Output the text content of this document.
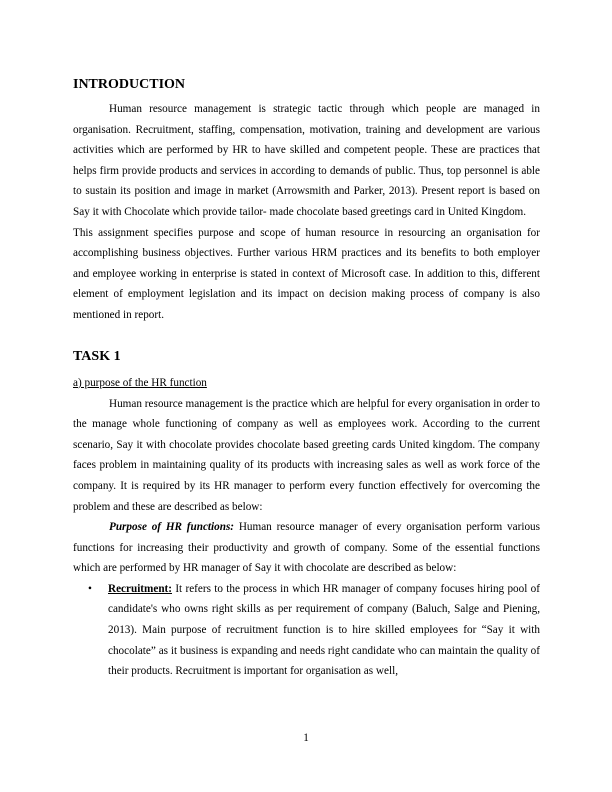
INTRODUCTION

Human resource management is strategic tactic through which people are managed in organisation. Recruitment, staffing, compensation, motivation, training and development are various activities which are performed by HR to have skilled and competent people. These are practices that helps firm provide products and services in according to demands of public. Thus, top personnel is able to sustain its position and image in market (Arrowsmith and Parker, 2013). Present report is based on Say it with Chocolate which provide tailor- made chocolate based greetings card in United Kingdom.

This assignment specifies purpose and scope of human resource in resourcing an organisation for accomplishing business objectives. Further various HRM practices and its benefits to both employer and employee working in enterprise is stated in context of Microsoft case. In addition to this, different element of employment legislation and its impact on decision making process of company is also mentioned in report.

TASK 1

a) purpose of the HR function

Human resource management is the practice which are helpful for every organisation in order to the manage whole functioning of company as well as employees work. According to the current scenario, Say it with chocolate provides chocolate based greeting cards United kingdom. The company faces problem in maintaining quality of its products with increasing sales as well as work force of the company. It is required by its HR manager to perform every function effectively for overcoming the problem and these are described as below:

Purpose of HR functions: Human resource manager of every organisation perform various functions for increasing their productivity and growth of company. Some of the essential functions which are performed by HR manager of Say it with chocolate are described as below:

• Recruitment: It refers to the process in which HR manager of company focuses hiring pool of candidate's who owns right skills as per requirement of company (Baluch, Salge and Piening, 2013). Main purpose of recruitment function is to hire skilled employees for “Say it with chocolate” as it business is expanding and needs right candidate who can maintain the quality of their products. Recruitment is important for organisation as well,
1
